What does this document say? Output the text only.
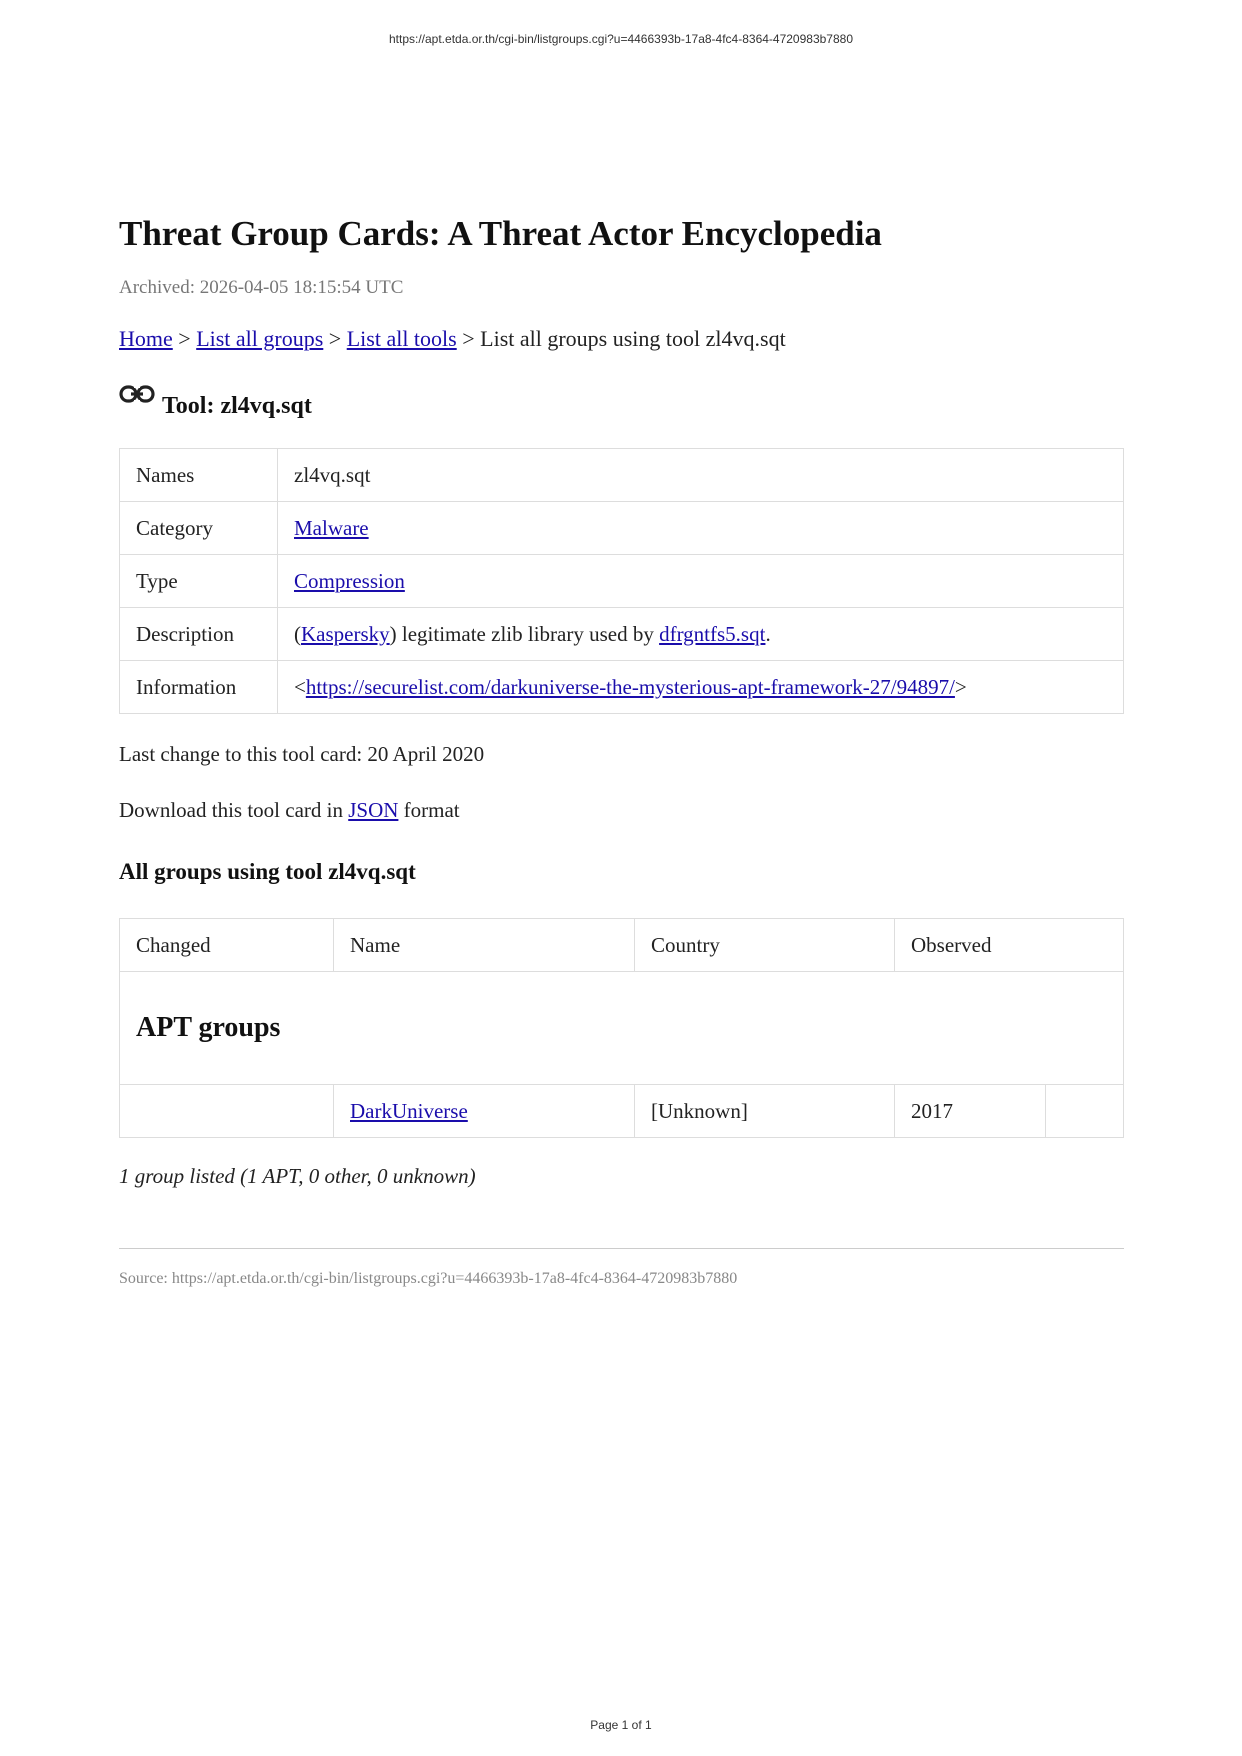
https://apt.etda.or.th/cgi-bin/listgroups.cgi?u=4466393b-17a8-4fc4-8364-4720983b7880
Threat Group Cards: A Threat Actor Encyclopedia
Archived: 2026-04-05 18:15:54 UTC
Home > List all groups > List all tools > List all groups using tool zl4vq.sqt
Tool: zl4vq.sqt
Names	zl4vq.sqt
Category	Malware
Type	Compression
Description	(Kaspersky) legitimate zlib library used by dfrgntfs5.sqt.
Information	<https://securelist.com/darkuniverse-the-mysterious-apt-framework-27/94897/>
Last change to this tool card: 20 April 2020
Download this tool card in JSON format
All groups using tool zl4vq.sqt
Changed	Name	Country	Observed	
APT groups				
	DarkUniverse	[Unknown]	2017	
1 group listed (1 APT, 0 other, 0 unknown)
Source: https://apt.etda.or.th/cgi-bin/listgroups.cgi?u=4466393b-17a8-4fc4-8364-4720983b7880
Page 1 of 1
